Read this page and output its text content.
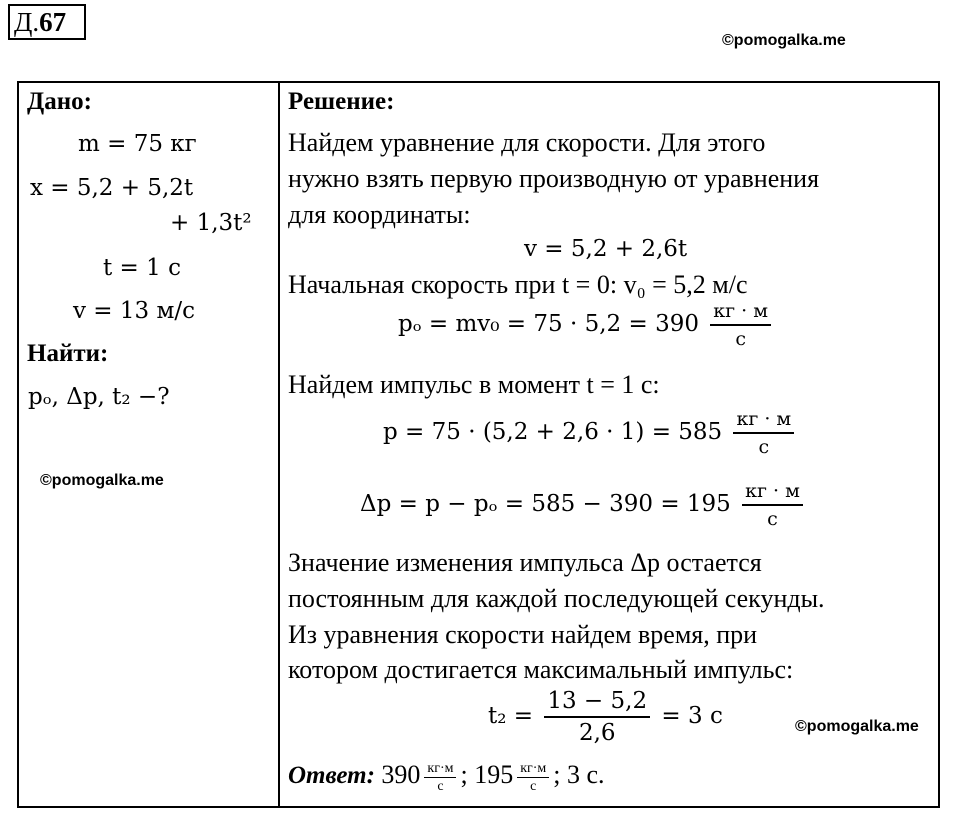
Д.67
©pomogalka.me
Дано:
m = 75 кг
x = 5,2 + 5,2t
+ 1,3t²
t = 1 с
v = 13 м/с
Найти:
pₒ, Δp, t₂ −?
©pomogalka.me
Решение:
Найдем уравнение для скорости. Для этого
нужно взять первую производную от уравнения
для координаты:
v = 5,2 + 2,6t
Начальная скорость при t = 0: v₀ = 5,2 м/с
$p_o = mv_0 = 75 \cdot 5,2 = 390 \frac{кг \cdot м}{с}$
Найдем импульс в момент t = 1 с:
$p = 75 \cdot (5,2 + 2,6 \cdot 1) = 585 \frac{кг \cdot м}{с}$
$\Delta p = p - p_o = 585 - 390 = 195 \frac{кг \cdot м}{с}$
Значение изменения импульса Δp остается
постоянным для каждой последующей секунды.
Из уравнения скорости найдем время, при
котором достигается максимальный импульс:
$t_2 = \frac{13 - 5,2}{2,6} = 3$ с	©pomogalka.me
Ответ: $390 \frac{кг\cdot м}{с}$ ; $195 \frac{кг\cdot м}{с}$ ; 3 с.
